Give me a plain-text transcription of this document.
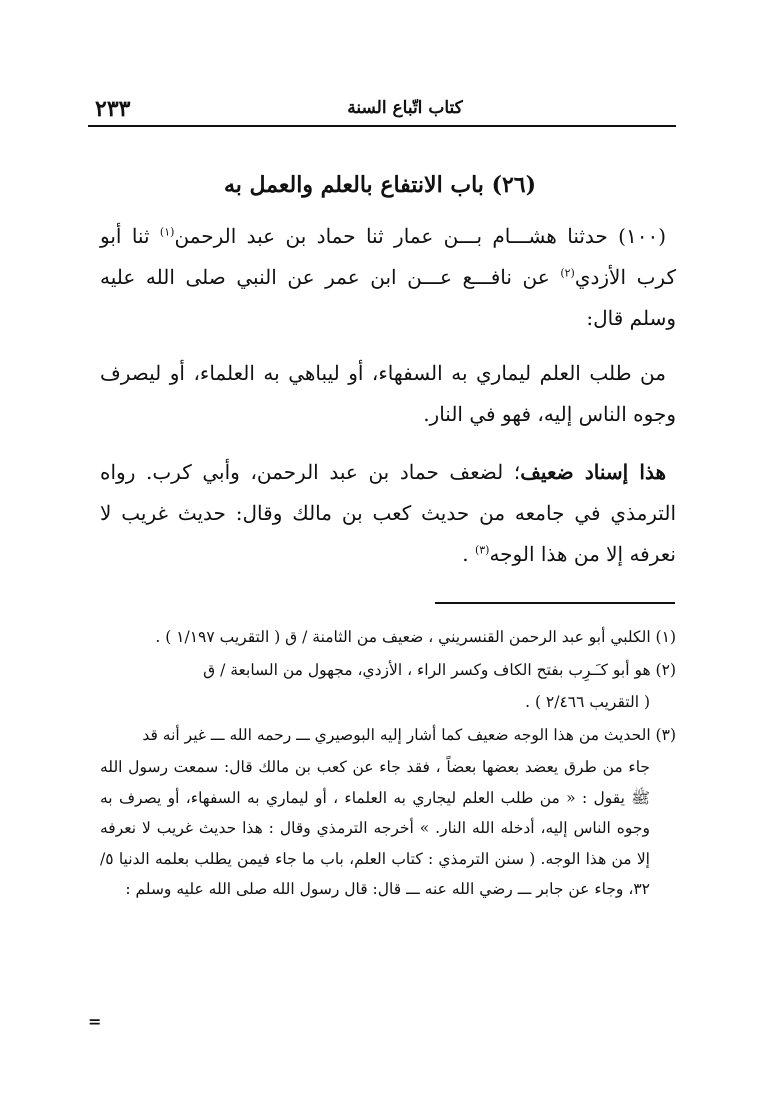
كتاب اتّباع السنة
٢٣٣
(٢٦) باب الانتفاع بالعلم والعمل به
(١٠٠) حدثنا هشـــام بـــن عمار ثنا حماد بن عبد الرحمن$^{(١)}$ ثنا أبو كرب الأزدي$^{(٢)}$ عن نافـــع عـــن ابن عمر عن النبي صلى الله عليه وسلم قال:
من طلب العلم ليماري به السفهاء، أو ليباهي به العلماء، أو ليصرف وجوه الناس إليه، فهو في النار.
هذا إسناد ضعيف؛ لضعف حماد بن عبد الرحمن، وأبي كرب. رواه الترمذي في جامعه من حديث كعب بن مالك وقال: حديث غريب لا نعرفه إلا من هذا الوجه$^{(٣)}$ .
(١) الكلبي أبو عبد الرحمن القنسريني ، ضعيف من الثامنة / ق ( التقريب ١/١٩٧ ) .
(٢) هو أبو كـَـرِب بفتح الكاف وكسر الراء ، الأزدي، مجهول من السابعة / ق
( التقريب ٢/٤٦٦ ) .
(٣) الحديث من هذا الوجه ضعيف كما أشار إليه البوصيري ـــ رحمه الله ـــ غير أنه قد
جاء من طرق يعضد بعضها بعضاً ، فقد جاء عن كعب بن مالك قال: سمعت رسول الله ﷺ يقول : « من طلب العلم ليجاري به العلماء ، أو ليماري به السفهاء، أو يصرف به وجوه الناس إليه، أدخله الله النار. » أخرجه الترمذي وقال : هذا حديث غريب لا نعرفه إلا من هذا الوجه. ( سنن الترمذي : كتاب العلم، باب ما جاء فيمن يطلب بعلمه الدنيا ٥/ ٣٢، وجاء عن جابر ـــ رضي الله عنه ـــ قال: قال رسول الله صلى الله عليه وسلم :
=
